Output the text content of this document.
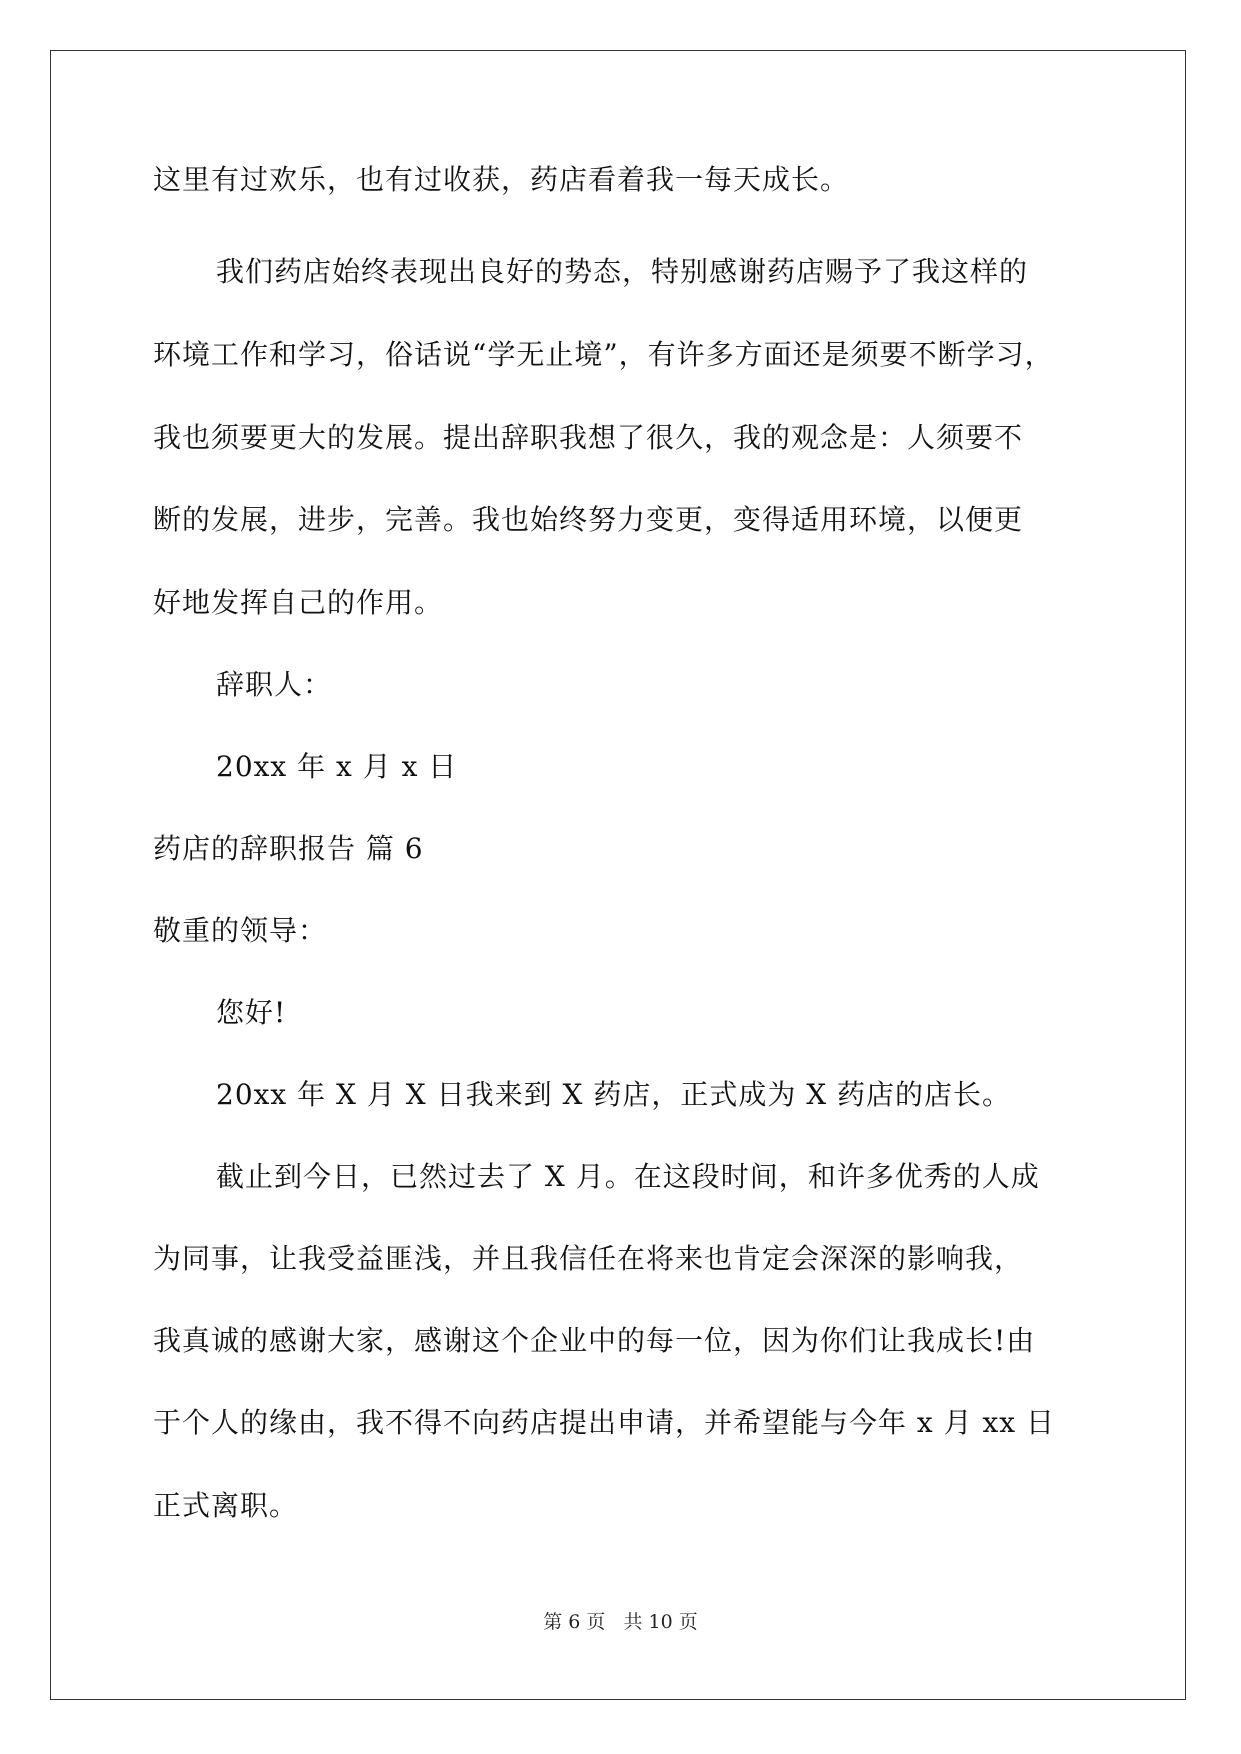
这里有过欢乐，也有过收获，药店看着我一每天成长。
我们药店始终表现出良好的势态，特别感谢药店赐予了我这样的
环境工作和学习，俗话说“学无止境”，有许多方面还是须要不断学习，
我也须要更大的发展。提出辞职我想了很久，我的观念是：人须要不
断的发展，进步，完善。我也始终努力变更，变得适用环境，以便更
好地发挥自己的作用。
辞职人：
20xx 年 x 月 x 日
药店的辞职报告 篇 6
敬重的领导：
您好!
20xx 年 X 月 X 日我来到 X 药店，正式成为 X 药店的店长。
截止到今日，已然过去了 X 月。在这段时间，和许多优秀的人成
为同事，让我受益匪浅，并且我信任在将来也肯定会深深的影响我，
我真诚的感谢大家，感谢这个企业中的每一位，因为你们让我成长!由
于个人的缘由，我不得不向药店提出申请，并希望能与今年 x 月 xx 日
正式离职。
第 6 页 共 10 页
